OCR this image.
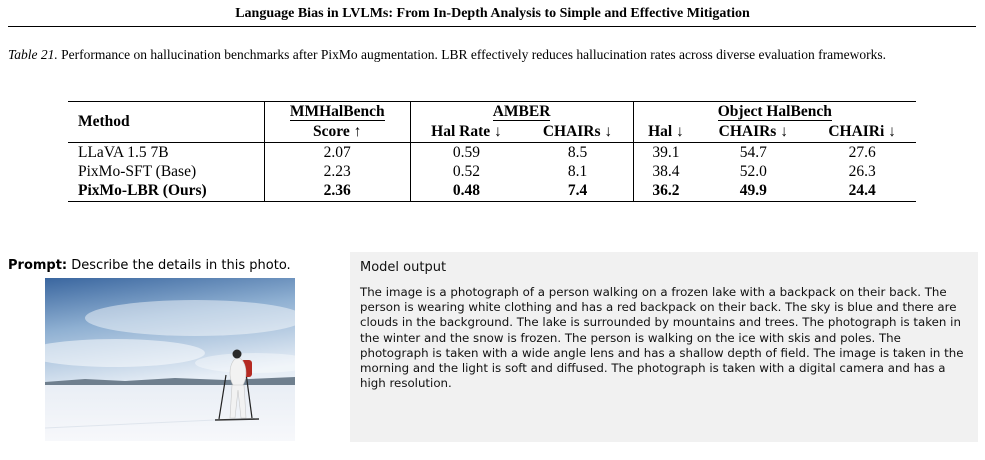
Language Bias in LVLMs: From In-Depth Analysis to Simple and Effective Mitigation
Table 21. Performance on hallucination benchmarks after PixMo augmentation. LBR effectively reduces hallucination rates across diverse evaluation frameworks.
Method	MMHalBench	AMBER		Object HalBench		
	Score ↑	Hal Rate ↓	CHAIRs ↓	Hal ↓	CHAIRs ↓	CHAIRi ↓
LLaVA 1.5 7B	2.07	0.59	8.5	39.1	54.7	27.6
PixMo-SFT (Base)	2.23	0.52	8.1	38.4	52.0	26.3
PixMo-LBR (Ours)	2.36	0.48	7.4	36.2	49.9	24.4
Prompt: Describe the details in this photo.	Model output
The image is a photograph of a person walking on a frozen lake with a backpack on their back. The person is wearing white clothing and has a red backpack on their back. The sky is blue and there are clouds in the background. The lake is surrounded by mountains and trees. The photograph is taken in the winter and the snow is frozen. The person is walking on the ice with skis and poles. The photograph is taken with a wide angle lens and has a shallow depth of field. The image is taken in the morning and the light is soft and diffused. The photograph is taken with a digital camera and has a high resolution.
